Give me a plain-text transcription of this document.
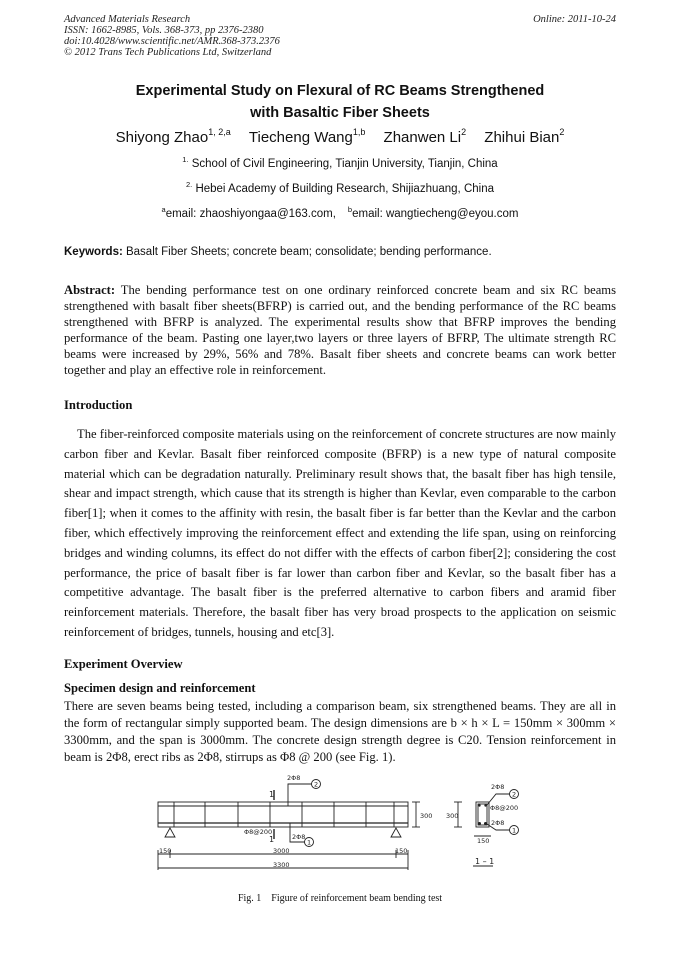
Advanced Materials Research
ISSN: 1662-8985, Vols. 368-373, pp 2376-2380
doi:10.4028/www.scientific.net/AMR.368-373.2376
© 2012 Trans Tech Publications Ltd, Switzerland
Online: 2011-10-24
Experimental Study on Flexural of RC Beams Strengthened
with Basaltic Fiber Sheets
Shiyong Zhao$^{1, 2,a}$ Tiecheng Wang$^{1,b}$ Zhanwen Li$^2$ Zhihui Bian$^2$
$^{1.}$ School of Civil Engineering, Tianjin University, Tianjin, China
$^{2.}$ Hebei Academy of Building Research, Shijiazhuang, China
$^a$email: zhaoshiyongaa@163.com, $^b$email: wangtiecheng@eyou.com
Keywords: Basalt Fiber Sheets; concrete beam; consolidate; bending performance.
Abstract: The bending performance test on one ordinary reinforced concrete beam and six RC beams strengthened with basalt fiber sheets(BFRP) is carried out, and the bending performance of the RC beams strengthened with BFRP is analyzed. The experimental results show that BFRP improves the bending performance of the beam. Pasting one layer,two layers or three layers of BFRP, The ultimate strength RC beams were increased by 29%, 56% and 78%. Basalt fiber sheets and concrete beams can work better together and play an effective role in reinforcement.
Introduction
The fiber-reinforced composite materials using on the reinforcement of concrete structures are now mainly carbon fiber and Kevlar. Basalt fiber reinforced composite (BFRP) is a new type of natural composite material which can be degradation naturally. Preliminary result shows that, the basalt fiber has high tensile, shear and impact strength, which cause that its strength is higher than Kevlar, even comparable to the carbon fiber[1]; when it comes to the affinity with resin, the basalt fiber is far better than the Kevlar and the carbon fiber, which effectively improving the reinforcement effect and extending the life span, using on reinforcing bridges and winding columns, its effect do not differ with the effects of carbon fiber[2]; considering the cost performance, the price of basalt fiber is far lower than carbon fiber and Kevlar, so the basalt fiber has a competitive advantage. The basalt fiber is the preferred alternative to carbon fibers and aramid fiber reinforcement materials. Therefore, the basalt fiber has very broad prospects to the application on seismic reinforcement of bridges, tunnels, housing and etc[3].
Experiment Overview
Specimen design and reinforcement
There are seven beams being tested, including a comparison beam, six strengthened beams. They are all in the form of rectangular simply supported beam. The design dimensions are b × h × L = 150mm × 300mm × 3300mm, and the span is 3000mm. The concrete design strength degree is C20. Tension reinforcement in beam is 2Φ8, erect ribs as 2Φ8, stirrups as Φ8 @ 200 (see Fig. 1).
1
1
2Φ8
2Φ8
Φ8@200
2
1
300
150	150
3000
3300
300
150
2Φ8
Φ8@200
2Φ8
2
1
1 – 1
Fig. 1 Figure of reinforcement beam bending test
